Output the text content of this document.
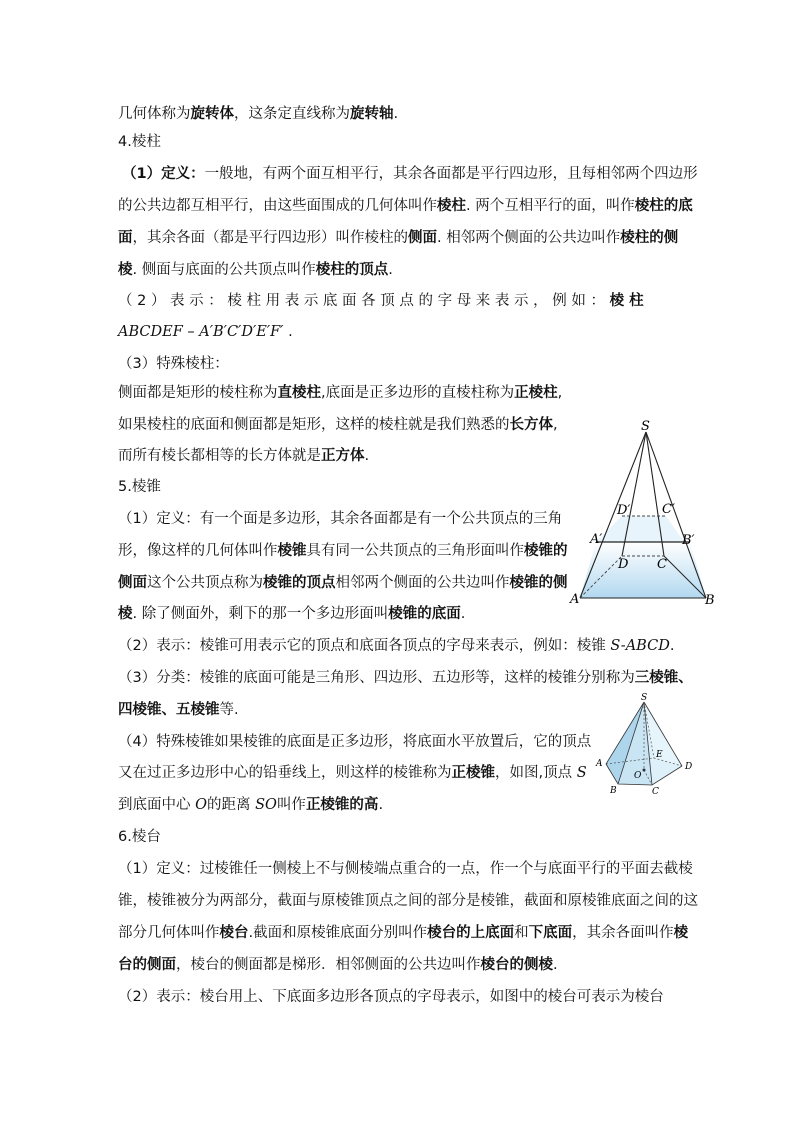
几何体称为旋转体，这条定直线称为旋转轴.
4.棱柱
（1）定义：一般地，有两个面互相平行，其余各面都是平行四边形，且每相邻两个四边形
的公共边都互相平行，由这些面围成的几何体叫作棱柱. 两个互相平行的面，叫作棱柱的底
面，其余各面（都是平行四边形）叫作棱柱的侧面. 相邻两个侧面的公共边叫作棱柱的侧
棱. 侧面与底面的公共顶点叫作棱柱的顶点.
（ 2 ） 表 示 ： 棱 柱 用 表 示 底 面 各 顶 点 的 字 母 来 表 示 ， 例 如 ： 棱 柱
ABCDEF – A′B′C′D′E′F′ .
（3）特殊棱柱：
侧面都是矩形的棱柱称为直棱柱,底面是正多边形的直棱柱称为正棱柱,
如果棱柱的底面和侧面都是矩形，这样的棱柱就是我们熟悉的长方体,
而所有棱长都相等的长方体就是正方体.
5.棱锥
（1）定义：有一个面是多边形，其余各面都是有一个公共顶点的三角
形，像这样的几何体叫作棱锥具有同一公共顶点的三角形面叫作棱锥的
侧面这个公共顶点称为棱锥的顶点相邻两个侧面的公共边叫作棱锥的侧
棱. 除了侧面外，剩下的那一个多边形面叫棱锥的底面.
（2）表示：棱锥可用表示它的顶点和底面各顶点的字母来表示，例如：棱锥 S-ABCD.
（3）分类：棱锥的底面可能是三角形、四边形、五边形等，这样的棱锥分别称为三棱锥、
四棱锥、五棱锥等.
（4）特殊棱锥如果棱锥的底面是正多边形，将底面水平放置后，它的顶点
又在过正多边形中心的铅垂线上，则这样的棱锥称为正棱锥，如图,顶点 S
到底面中心 O的距离 SO叫作正棱锥的高.
6.棱台
（1）定义：过棱锥任一侧棱上不与侧棱端点重合的一点，作一个与底面平行的平面去截棱
锥，棱锥被分为两部分，截面与原棱锥顶点之间的部分是棱锥，截面和原棱锥底面之间的这
部分几何体叫作棱台.截面和原棱锥底面分别叫作棱台的上底面和下底面，其余各面叫作棱
台的侧面，棱台的侧面都是梯形．相邻侧面的公共边叫作棱台的侧棱.
（2）表示：棱台用上、下底面多边形各顶点的字母表示，如图中的棱台可表示为棱台
S
D′ C′
A′	B′
D C
A	B
S
A
B	C
D
E
O
